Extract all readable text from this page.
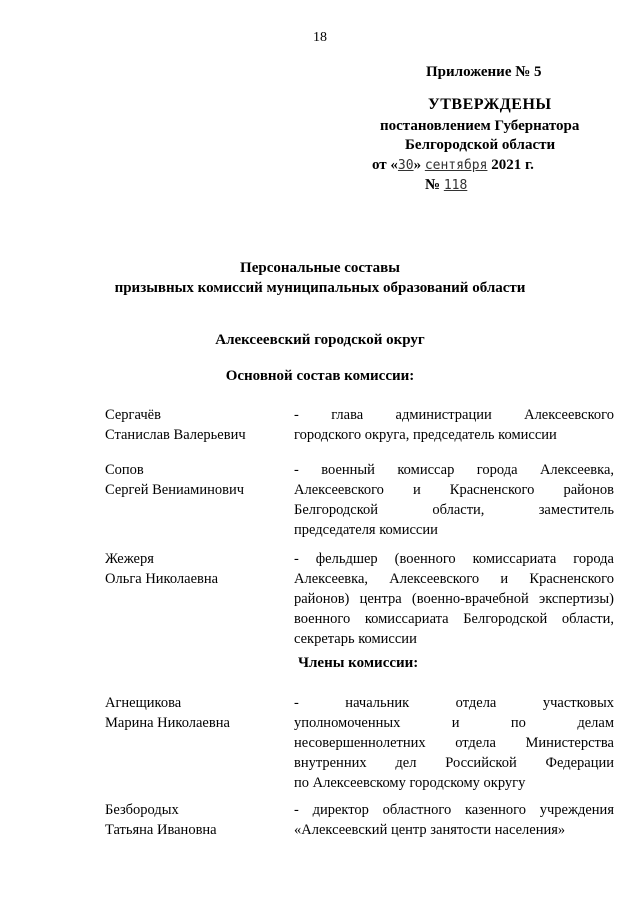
18
Приложение № 5
УТВЕРЖДЕНЫ
постановлением Губернатора
Белгородской области
от «30» сентября 2021 г.
№ 118
Персональные составы
призывных комиссий муниципальных образований области
Алексеевский городской округ
Основной состав комиссии:
Сергачёв
Станислав Валерьевич
- глава администрации Алексеевского
городского округа, председатель комиссии
Сопов
Сергей Вениаминович
- военный комиссар города Алексеевка,
Алексеевского и Красненского районов
Белгородской области, заместитель
председателя комиссии
Жежеря
Ольга Николаевна
- фельдшер (военного комиссариата города
Алексеевка, Алексеевского и Красненского
районов) центра (военно-врачебной экспертизы)
военного комиссариата Белгородской области,
секретарь комиссии
Члены комиссии:
Агнещикова
Марина Николаевна
- начальник отдела участковых
уполномоченных и по делам
несовершеннолетних отдела Министерства
внутренних дел Российской Федерации
по Алексеевскому городскому округу
Безбородых
Татьяна Ивановна
- директор областного казенного учреждения
«Алексеевский центр занятости населения»
